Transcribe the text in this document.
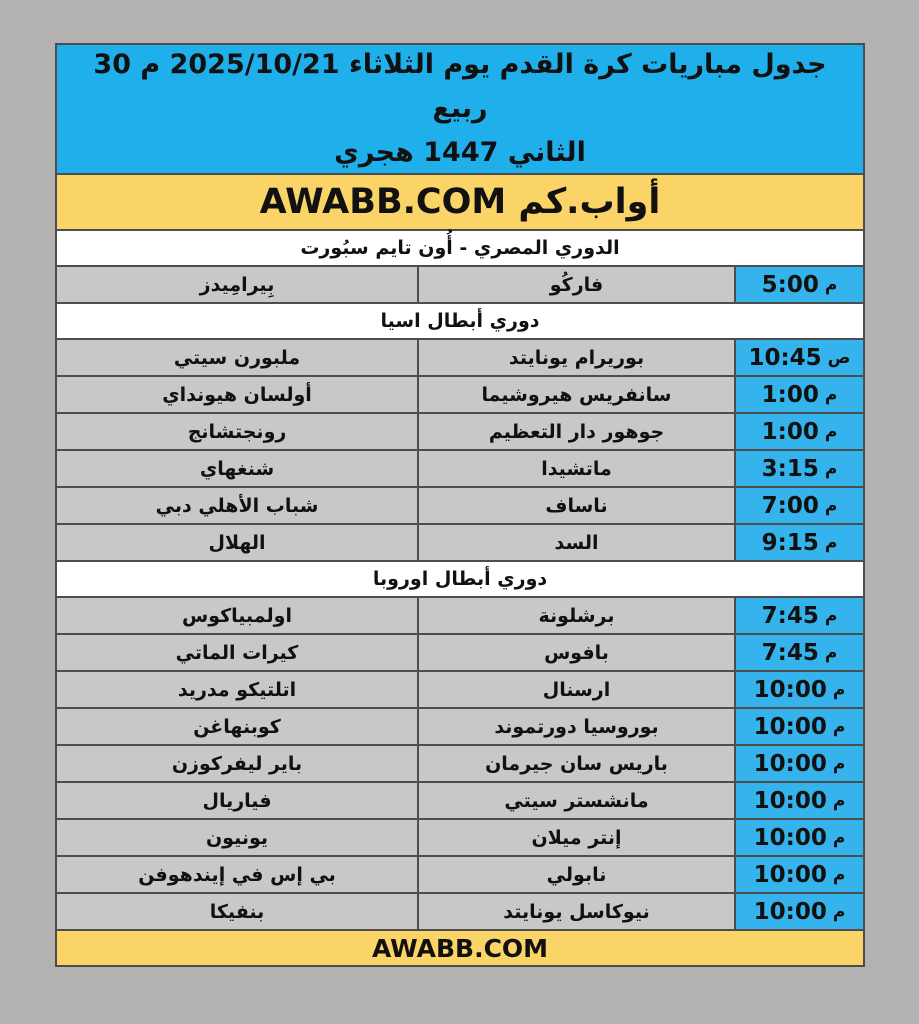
جدول مباريات كرة القدم يوم الثلاثاء 2025/10/21 م 30 ربيع
الثاني 1447 هجري
أواب.كم AWABB.COM
الدوري المصري - أُون تايم سبُورت
م
5:00
فاركُو
بِيرامِيدز
دوري أبطال اسيا
ص
10:45
بوريرام يونايتد
ملبورن سيتي
م
1:00
سانفريس هيروشيما
أولسان هيونداي
م
1:00
جوهور دار التعظيم
رونجتشانج
م
3:15
ماتشيدا
شنغهاي
م
7:00
ناساف
شباب الأهلي دبي
م
9:15
السد
الهلال
دوري أبطال اوروبا
م
7:45
برشلونة
اولمبياكوس
م
7:45
بافوس
كيرات الماتي
م
10:00
ارسنال
اتلتيكو مدريد
م
10:00
بوروسيا دورتموند
كوبنهاغن
م
10:00
باريس سان جيرمان
باير ليفركوزن
م
10:00
مانشستر سيتي
فياريال
م
10:00
إنتر ميلان
يونيون
م
10:00
نابولي
بي إس في إيندهوفن
م
10:00
نيوكاسل يونايتد
بنفيكا
AWABB.COM
